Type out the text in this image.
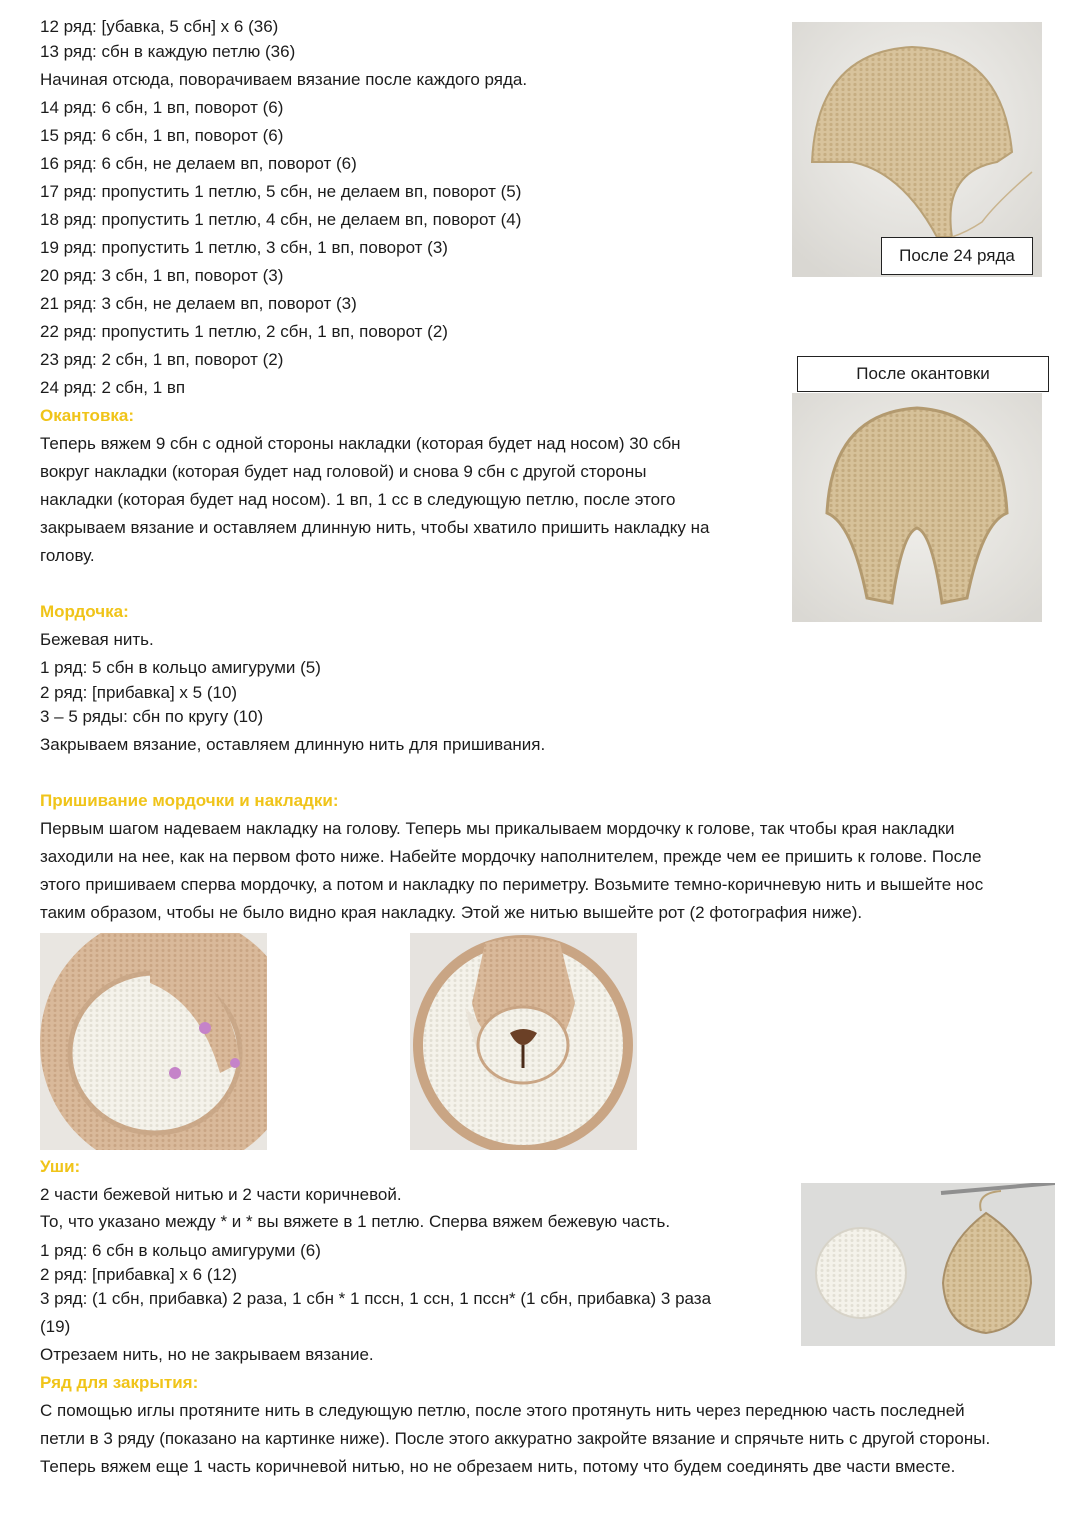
12 ряд: [убавка, 5 сбн] х 6 (36)
13 ряд: сбн в каждую петлю (36)
Начиная отсюда, поворачиваем вязание после каждого ряда.
14 ряд: 6 сбн, 1 вп, поворот (6)
15 ряд: 6 сбн, 1 вп, поворот (6)
16 ряд: 6 сбн, не делаем вп, поворот (6)
17 ряд: пропустить 1 петлю, 5 сбн, не делаем вп, поворот (5)
18 ряд: пропустить 1 петлю, 4 сбн, не делаем вп, поворот (4)
19 ряд: пропустить 1 петлю, 3 сбн, 1 вп, поворот (3)
20 ряд: 3 сбн, 1 вп, поворот (3)
21 ряд: 3 сбн, не делаем вп, поворот (3)
22 ряд: пропустить 1 петлю, 2 сбн, 1 вп, поворот (2)
23 ряд: 2 сбн, 1 вп, поворот (2)
24 ряд: 2 сбн, 1 вп
Окантовка:
Теперь вяжем 9 сбн с одной стороны накладки (которая будет над носом) 30 сбн
вокруг накладки (которая будет над головой) и снова 9 сбн с другой стороны
накладки (которая будет над носом). 1 вп, 1 сс в следующую петлю, после этого
закрываем вязание и оставляем длинную нить, чтобы хватило пришить накладку на
голову.
Мордочка:
Бежевая нить.
1 ряд: 5 сбн в кольцо амигуруми (5)
2 ряд: [прибавка] х 5 (10)
3 – 5 ряды: сбн по кругу (10)
Закрываем вязание, оставляем длинную нить для пришивания.
Пришивание мордочки и накладки:
Первым шагом надеваем накладку на голову. Теперь мы прикалываем мордочку к голове, так чтобы края накладки
заходили на нее, как на первом фото ниже. Набейте мордочку наполнителем, прежде чем ее пришить к голове. После
этого пришиваем сперва мордочку, а потом и накладку по периметру. Возьмите темно-коричневую нить и вышейте нос
таким образом, чтобы не было видно края накладку. Этой же нитью вышейте рот (2 фотография ниже).
Уши:
2 части бежевой нитью и 2 части коричневой.
То, что указано между * и * вы вяжете в 1 петлю. Сперва вяжем бежевую часть.
1 ряд: 6 сбн в кольцо амигуруми (6)
2 ряд: [прибавка] х 6 (12)
3 ряд: (1 сбн, прибавка) 2 раза, 1 сбн * 1 пссн, 1 ссн, 1 пссн* (1 сбн, прибавка) 3 раза
(19)
Отрезаем нить, но не закрываем вязание.
Ряд для закрытия:
С помощью иглы протяните нить в следующую петлю, после этого протянуть нить через переднюю часть последней
петли в 3 ряду (показано на картинке ниже). После этого аккуратно закройте вязание и спрячьте нить с другой стороны.
Теперь вяжем еще 1 часть коричневой нитью, но не обрезаем нить, потому что будем соединять две части вместе.
После 24 ряда
После окантовки
